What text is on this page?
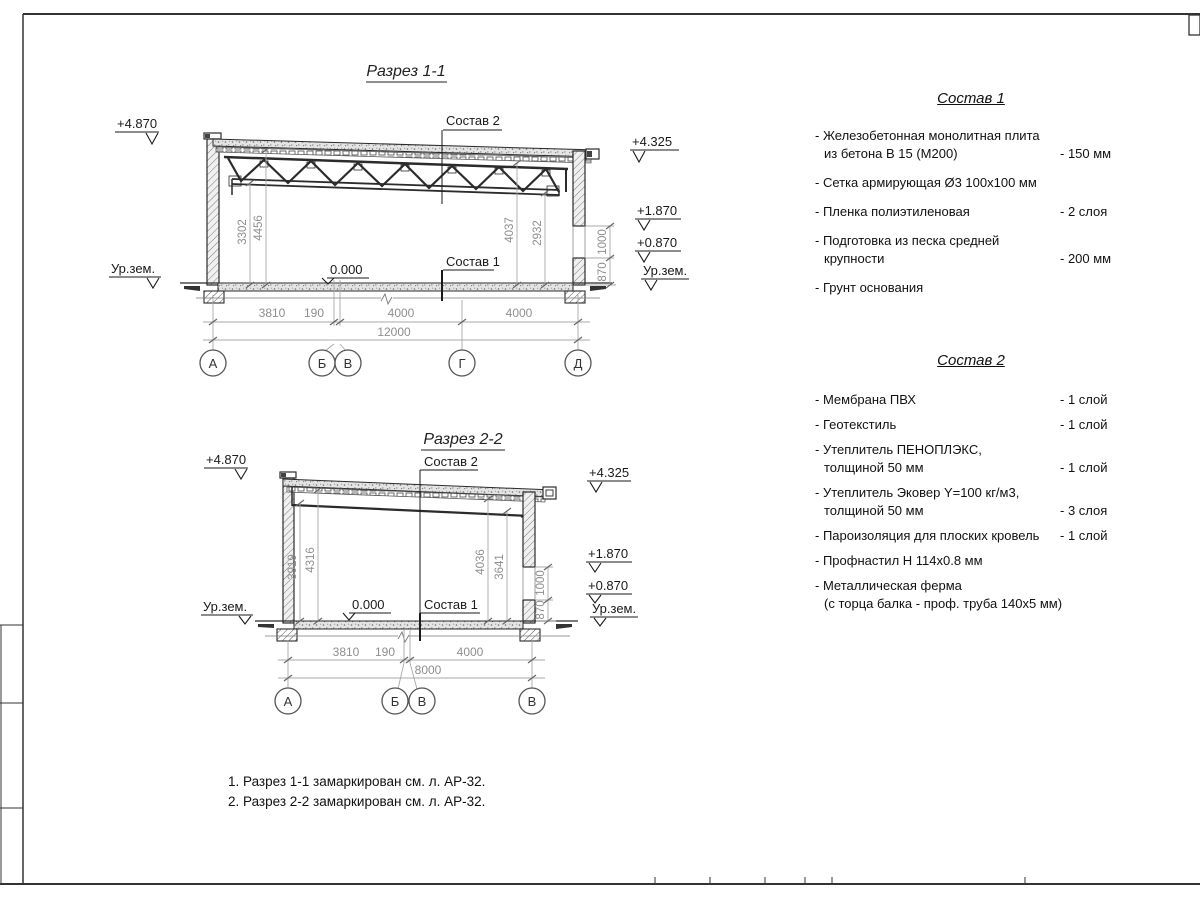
Разрез 1-1
Состав 2
Состав 1
0.000
+4.870
Ур.зем.
+4.325
+1.870
+0.870
Ур.зем.
3302 4456	4037 2932
870
1000
3810 190	4000	4000
12000
А	Б В	Г	Д
Разрез 2-2
Состав 2
Состав 1
0.000
+4.870
Ур.зем.
+4.325
+1.870
+0.870
Ур.зем.
3919 4316	4036 3641
870
1000
3810 190	4000
8000
А	Б В	В
Состав 1
- Железобетонная монолитная плита
из бетона В 15 (М200)	- 150 мм
- Сетка армирующая Ø3 100х100 мм
- Пленка полиэтиленовая	- 2 слоя
- Подготовка из песка средней
крупности	- 200 мм
- Грунт основания
Состав 2
- Мембрана ПВХ	- 1 слой
- Геотекстиль	- 1 слой
- Утеплитель ПЕНОПЛЭКС,
толщиной 50 мм	- 1 слой
- Утеплитель Эковер Y=100 кг/м3,
толщиной 50 мм	- 3 слоя
- Пароизоляция для плоских кровель	- 1 слой
- Профнастил Н 114х0.8 мм
- Металлическая ферма
(с торца балка - проф. труба 140х5 мм)
1. Разрез 1-1 замаркирован см. л. АР-32.
2. Разрез 2-2 замаркирован см. л. АР-32.
